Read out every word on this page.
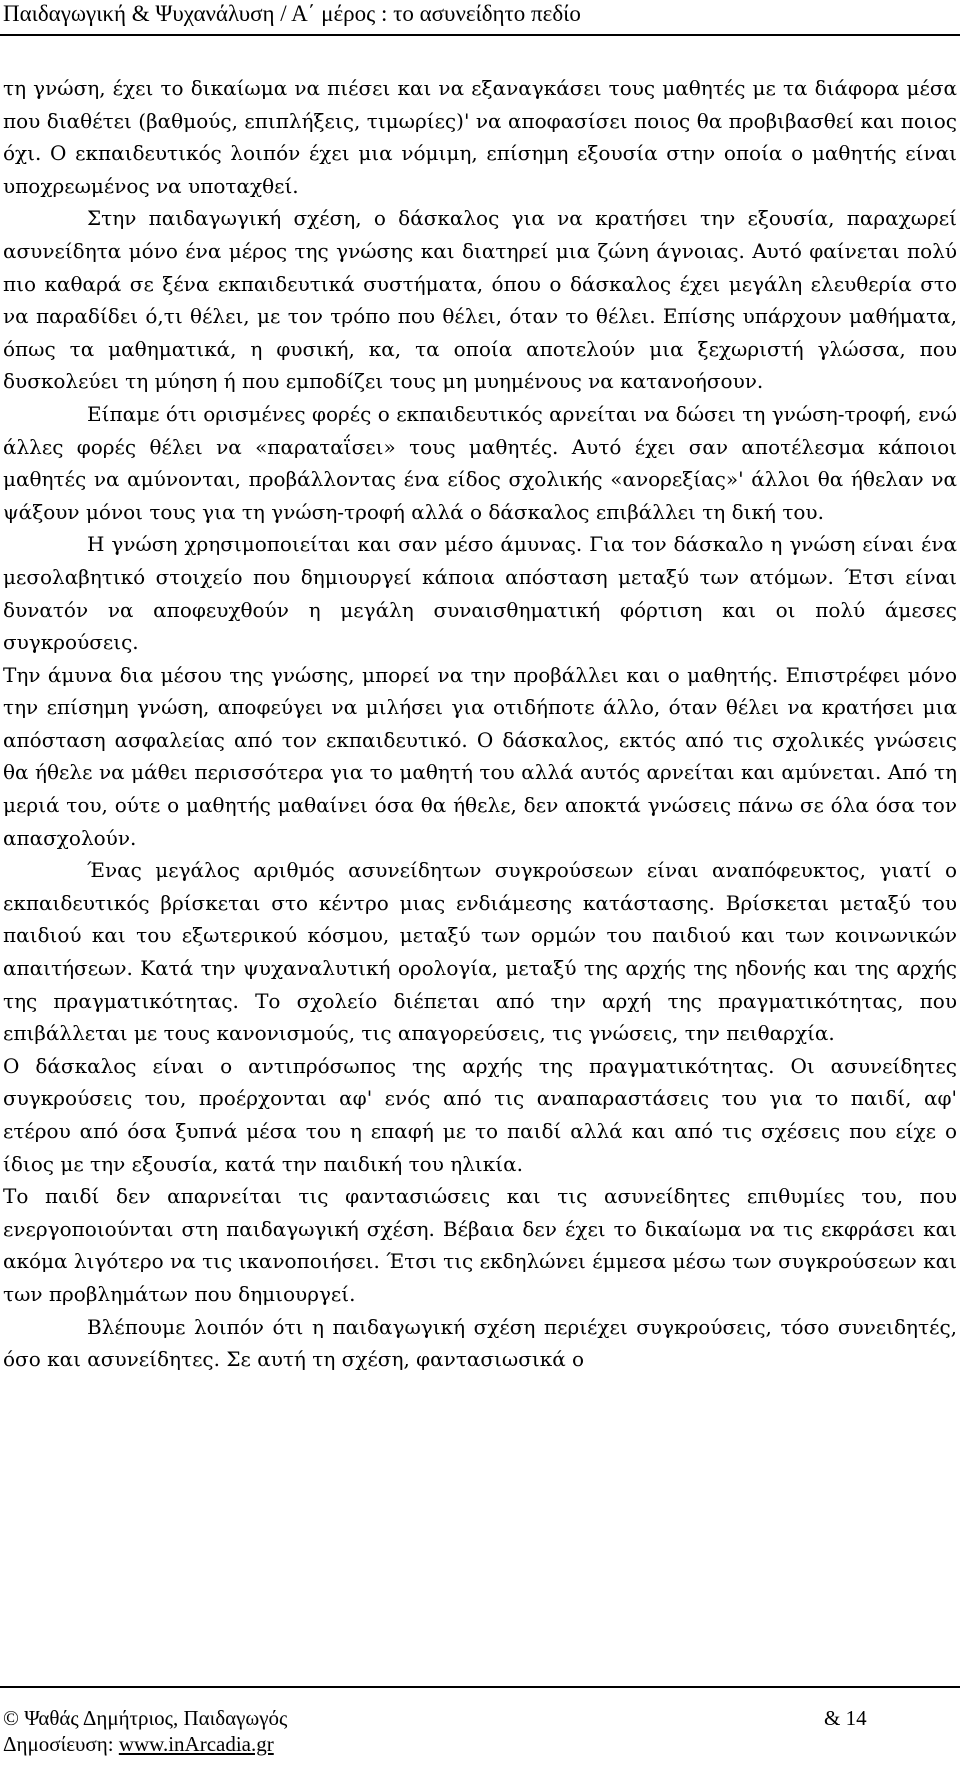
Παιδαγωγική & Ψυχανάλυση / Α΄ μέρος : το ασυνείδητο πεδίο

τη γνώση, έχει το δικαίωμα να πιέσει και να εξαναγκάσει τους μαθητές με τα διάφορα μέσα που διαθέτει (βαθμούς, επιπλήξεις, τιμωρίες)' να αποφασίσει ποιος θα προβιβασθεί και ποιος όχι. Ο εκπαιδευτικός λοιπόν έχει μια νόμιμη, επίσημη εξουσία στην οποία ο μαθητής είναι υποχρεωμένος να υποταχθεί.

Στην παιδαγωγική σχέση, ο δάσκαλος για να κρατήσει την εξουσία, παραχωρεί ασυνείδητα μόνο ένα μέρος της γνώσης και διατηρεί μια ζώνη άγνοιας. Αυτό φαίνεται πολύ πιο καθαρά σε ξένα εκπαιδευτικά συστήματα, όπου ο δάσκαλος έχει μεγάλη ελευθερία στο να παραδίδει ό,τι θέλει, με τον τρόπο που θέλει, όταν το θέλει. Επίσης υπάρχουν μαθήματα, όπως τα μαθηματικά, η φυσική, κα, τα οποία αποτελούν μια ξεχωριστή γλώσσα, που δυσκολεύει τη μύηση ή που εμποδίζει τους μη μυημένους να κατανοήσουν.

Είπαμε ότι ορισμένες φορές ο εκπαιδευτικός αρνείται να δώσει τη γνώση-τροφή, ενώ άλλες φορές θέλει να «παραταΐσει» τους μαθητές. Αυτό έχει σαν αποτέλεσμα κάποιοι μαθητές να αμύνονται, προβάλλοντας ένα είδος σχολικής «ανορεξίας»' άλλοι θα ήθελαν να ψάξουν μόνοι τους για τη γνώση-τροφή αλλά ο δάσκαλος επιβάλλει τη δική του.

Η γνώση χρησιμοποιείται και σαν μέσο άμυνας. Για τον δάσκαλο η γνώση είναι ένα μεσολαβητικό στοιχείο που δημιουργεί κάποια απόσταση μεταξύ των ατόμων. Έτσι είναι δυνατόν να αποφευχθούν η μεγάλη συναισθηματική φόρτιση και οι πολύ άμεσες συγκρούσεις.

Την άμυνα δια μέσου της γνώσης, μπορεί να την προβάλλει και ο μαθητής. Επιστρέφει μόνο την επίσημη γνώση, αποφεύγει να μιλήσει για οτιδήποτε άλλο, όταν θέλει να κρατήσει μια απόσταση ασφαλείας από τον εκπαιδευτικό. Ο δάσκαλος, εκτός από τις σχολικές γνώσεις θα ήθελε να μάθει περισσότερα για το μαθητή του αλλά αυτός αρνείται και αμύνεται. Από τη μεριά του, ούτε ο μαθητής μαθαίνει όσα θα ήθελε, δεν αποκτά γνώσεις πάνω σε όλα όσα τον απασχολούν.

Ένας μεγάλος αριθμός ασυνείδητων συγκρούσεων είναι αναπόφευκτος, γιατί ο εκπαιδευτικός βρίσκεται στο κέντρο μιας ενδιάμεσης κατάστασης. Βρίσκεται μεταξύ του παιδιού και του εξωτερικού κόσμου, μεταξύ των ορμών του παιδιού και των κοινωνικών απαιτήσεων. Κατά την ψυχαναλυτική ορολογία, μεταξύ της αρχής της ηδονής και της αρχής της πραγματικότητας. Το σχολείο διέπεται από την αρχή της πραγματικότητας, που επιβάλλεται με τους κανονισμούς, τις απαγορεύσεις, τις γνώσεις, την πειθαρχία.

Ο δάσκαλος είναι ο αντιπρόσωπος της αρχής της πραγματικότητας. Οι ασυνείδητες συγκρούσεις του, προέρχονται αφ' ενός από τις αναπαραστάσεις του για το παιδί, αφ' ετέρου από όσα ξυπνά μέσα του η επαφή με το παιδί αλλά και από τις σχέσεις που είχε ο ίδιος με την εξουσία, κατά την παιδική του ηλικία.

Το παιδί δεν απαρνείται τις φαντασιώσεις και τις ασυνείδητες επιθυμίες του, που ενεργοποιούνται στη παιδαγωγική σχέση. Βέβαια δεν έχει το δικαίωμα να τις εκφράσει και ακόμα λιγότερο να τις ικανοποιήσει. Έτσι τις εκδηλώνει έμμεσα μέσω των συγκρούσεων και των προβλημάτων που δημιουργεί.

Βλέπουμε λοιπόν ότι η παιδαγωγική σχέση περιέχει συγκρούσεις, τόσο συνειδητές, όσο και ασυνείδητες. Σε αυτή τη σχέση, φαντασιωσικά ο

© Ψαθάς Δημήτριος, Παιδαγωγός	& 14
Δημοσίευση: www.inArcadia.gr
